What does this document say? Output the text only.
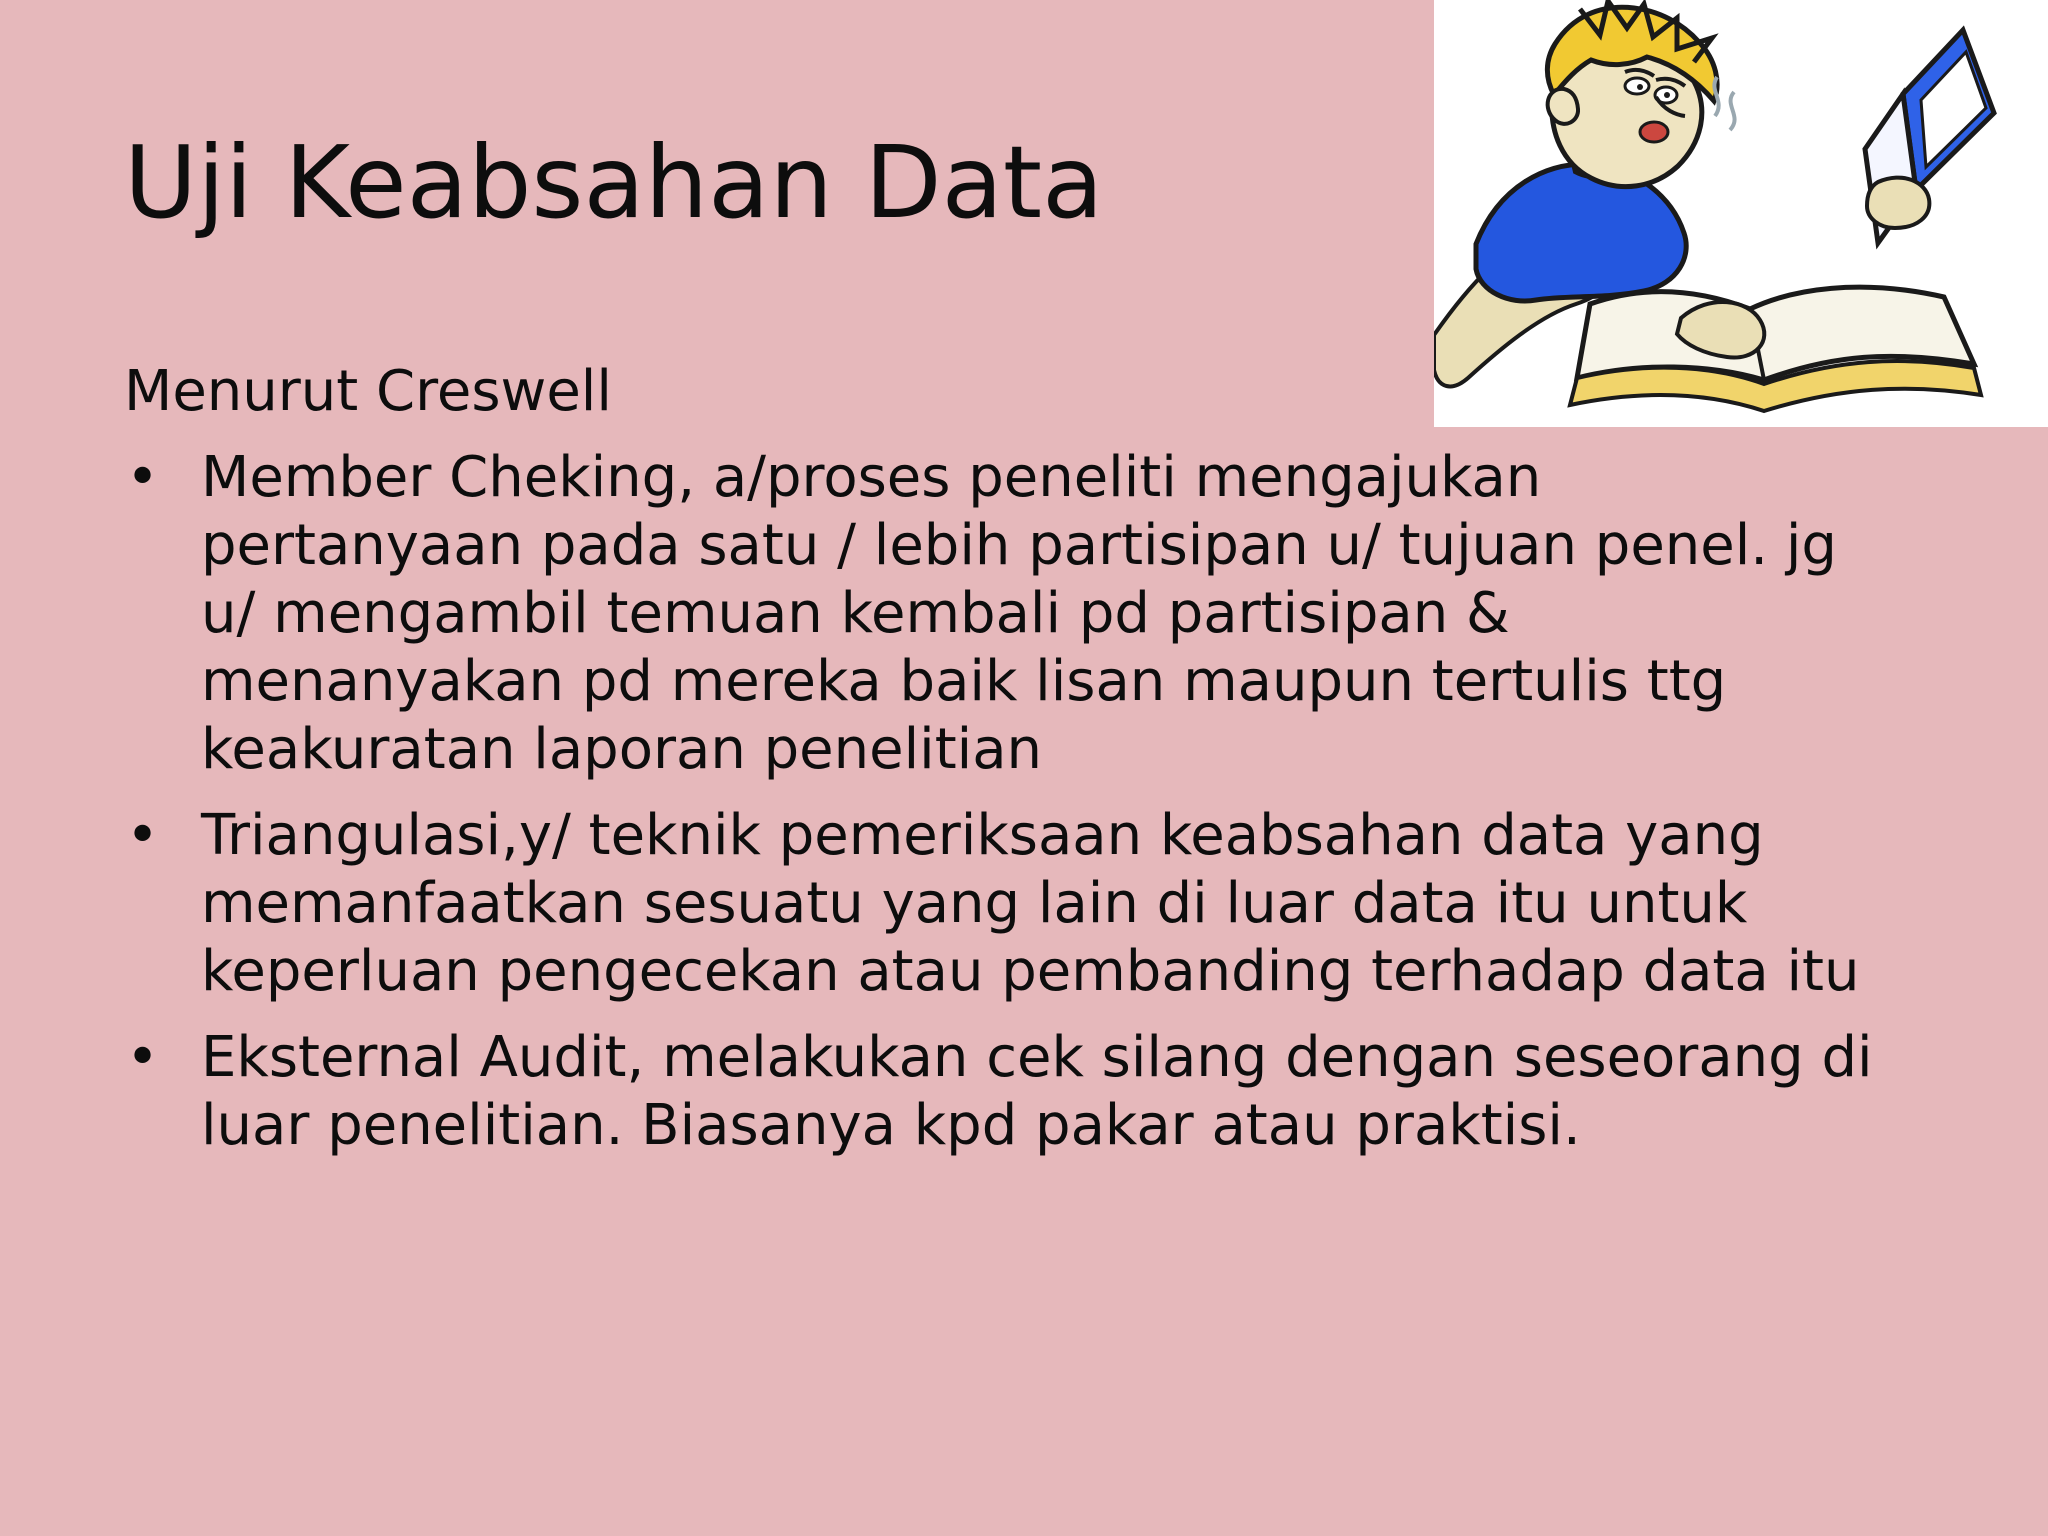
Uji Keabsahan Data

Menurut Creswell

• Member Cheking, a/proses peneliti mengajukan
pertanyaan pada satu / lebih partisipan u/ tujuan penel. jg
u/ mengambil temuan kembali pd partisipan &
menanyakan pd mereka baik lisan maupun tertulis ttg
keakuratan laporan penelitian
• Triangulasi,y/ teknik pemeriksaan keabsahan data yang
memanfaatkan sesuatu yang lain di luar data itu untuk
keperluan pengecekan atau pembanding terhadap data itu
• Eksternal Audit, melakukan cek silang dengan seseorang di
luar penelitian. Biasanya kpd pakar atau praktisi.
